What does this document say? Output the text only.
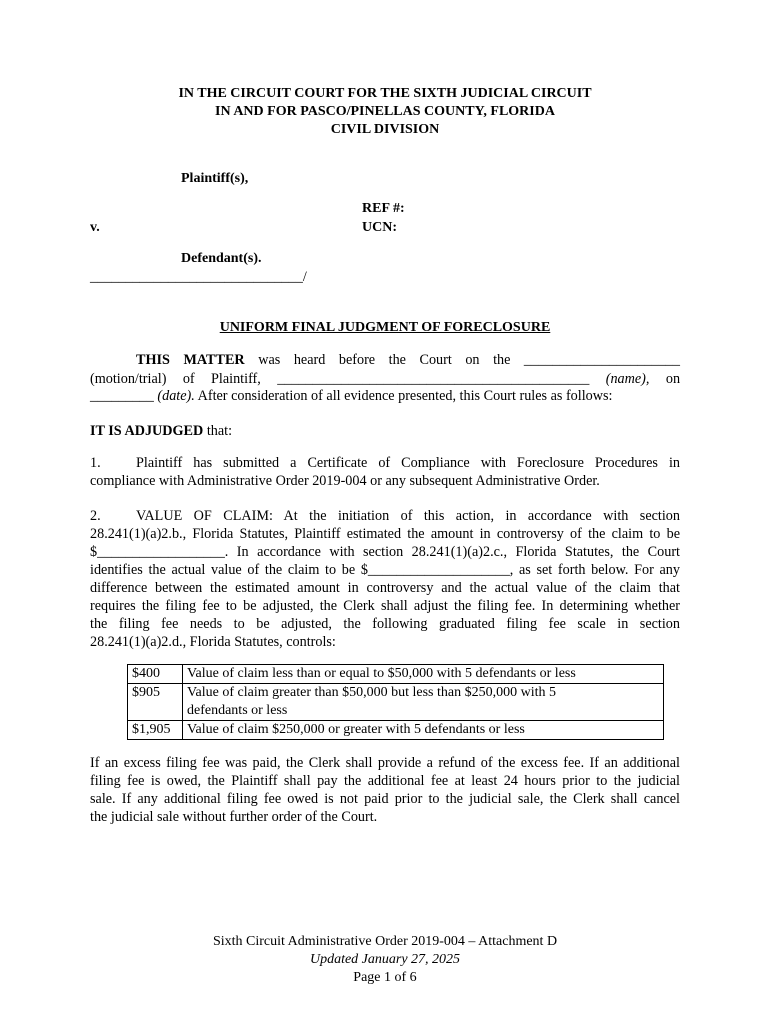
IN THE CIRCUIT COURT FOR THE SIXTH JUDICIAL CIRCUIT
IN AND FOR PASCO/PINELLAS COUNTY, FLORIDA
CIVIL DIVISION
Plaintiff(s),
REF #:
v.	UCN:
Defendant(s).
______________________________/
UNIFORM FINAL JUDGMENT OF FORECLOSURE
THIS MATTER was heard before the Court on the ______________________
(motion/trial) of Plaintiff, ____________________________________________ (name), on
_________ (date). After consideration of all evidence presented, this Court rules as follows:
IT IS ADJUDGED that:
1.	Plaintiff has submitted a Certificate of Compliance with Foreclosure Procedures in
compliance with Administrative Order 2019-004 or any subsequent Administrative Order.
2.	VALUE OF CLAIM: At the initiation of this action, in accordance with section
28.241(1)(a)2.b., Florida Statutes, Plaintiff estimated the amount in controversy of the claim to be
$__________________. In accordance with section 28.241(1)(a)2.c., Florida Statutes, the Court
identifies the actual value of the claim to be $____________________, as set forth below. For any
difference between the estimated amount in controversy and the actual value of the claim that
requires the filing fee to be adjusted, the Clerk shall adjust the filing fee. In determining whether
the filing fee needs to be adjusted, the following graduated filing fee scale in section
28.241(1)(a)2.d., Florida Statutes, controls:
$400	Value of claim less than or equal to $50,000 with 5 defendants or less
$905	Value of claim greater than $50,000 but less than $250,000 with 5 defendants or less
$1,905	Value of claim $250,000 or greater with 5 defendants or less
If an excess filing fee was paid, the Clerk shall provide a refund of the excess fee. If an additional
filing fee is owed, the Plaintiff shall pay the additional fee at least 24 hours prior to the judicial
sale. If any additional filing fee owed is not paid prior to the judicial sale, the Clerk shall cancel
the judicial sale without further order of the Court.
Sixth Circuit Administrative Order 2019-004 – Attachment D
Updated January 27, 2025
Page 1 of 6
